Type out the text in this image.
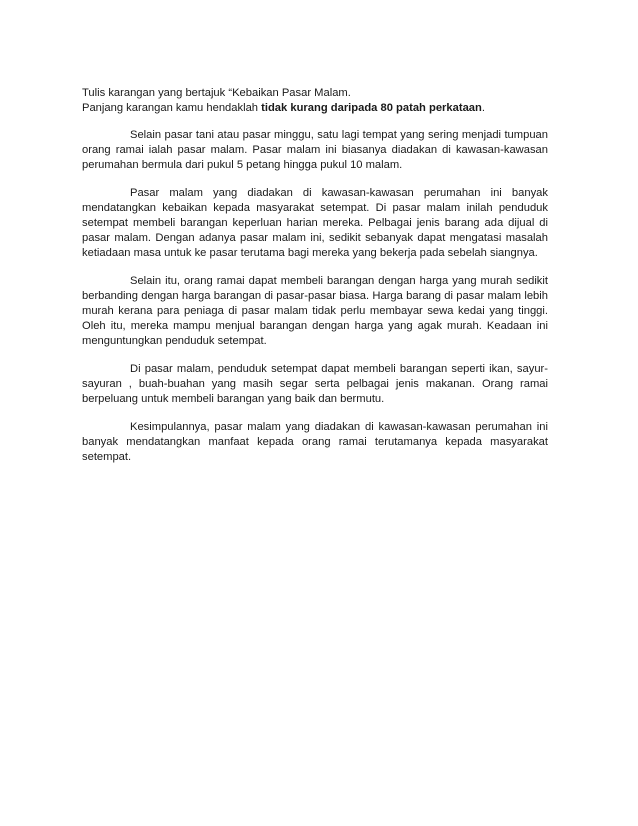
Tulis karangan yang bertajuk “Kebaikan Pasar Malam.

Panjang karangan kamu hendaklah tidak kurang daripada 80 patah perkataan.

Selain pasar tani atau pasar minggu, satu lagi tempat yang sering menjadi tumpuan orang ramai ialah pasar malam. Pasar malam ini biasanya diadakan di kawasan-kawasan perumahan bermula dari pukul 5 petang hingga pukul 10 malam.

Pasar malam yang diadakan di kawasan-kawasan perumahan ini banyak mendatangkan kebaikan kepada masyarakat setempat. Di pasar malam inilah penduduk setempat membeli barangan keperluan harian mereka. Pelbagai jenis barang ada dijual di pasar malam. Dengan adanya pasar malam ini, sedikit sebanyak dapat mengatasi masalah ketiadaan masa untuk ke pasar terutama bagi mereka yang bekerja pada sebelah siangnya.

Selain itu, orang ramai dapat membeli barangan dengan harga yang murah sedikit berbanding dengan harga barangan di pasar-pasar biasa. Harga barang di pasar malam lebih murah kerana para peniaga di pasar malam tidak perlu membayar sewa kedai yang tinggi. Oleh itu, mereka mampu menjual barangan dengan harga yang agak murah. Keadaan ini menguntungkan penduduk setempat.

Di pasar malam, penduduk setempat dapat membeli barangan seperti ikan, sayur-sayuran , buah-buahan yang masih segar serta pelbagai jenis makanan. Orang ramai berpeluang untuk membeli barangan yang baik dan bermutu.

Kesimpulannya, pasar malam yang diadakan di kawasan-kawasan perumahan ini banyak mendatangkan manfaat kepada orang ramai terutamanya kepada masyarakat setempat.
